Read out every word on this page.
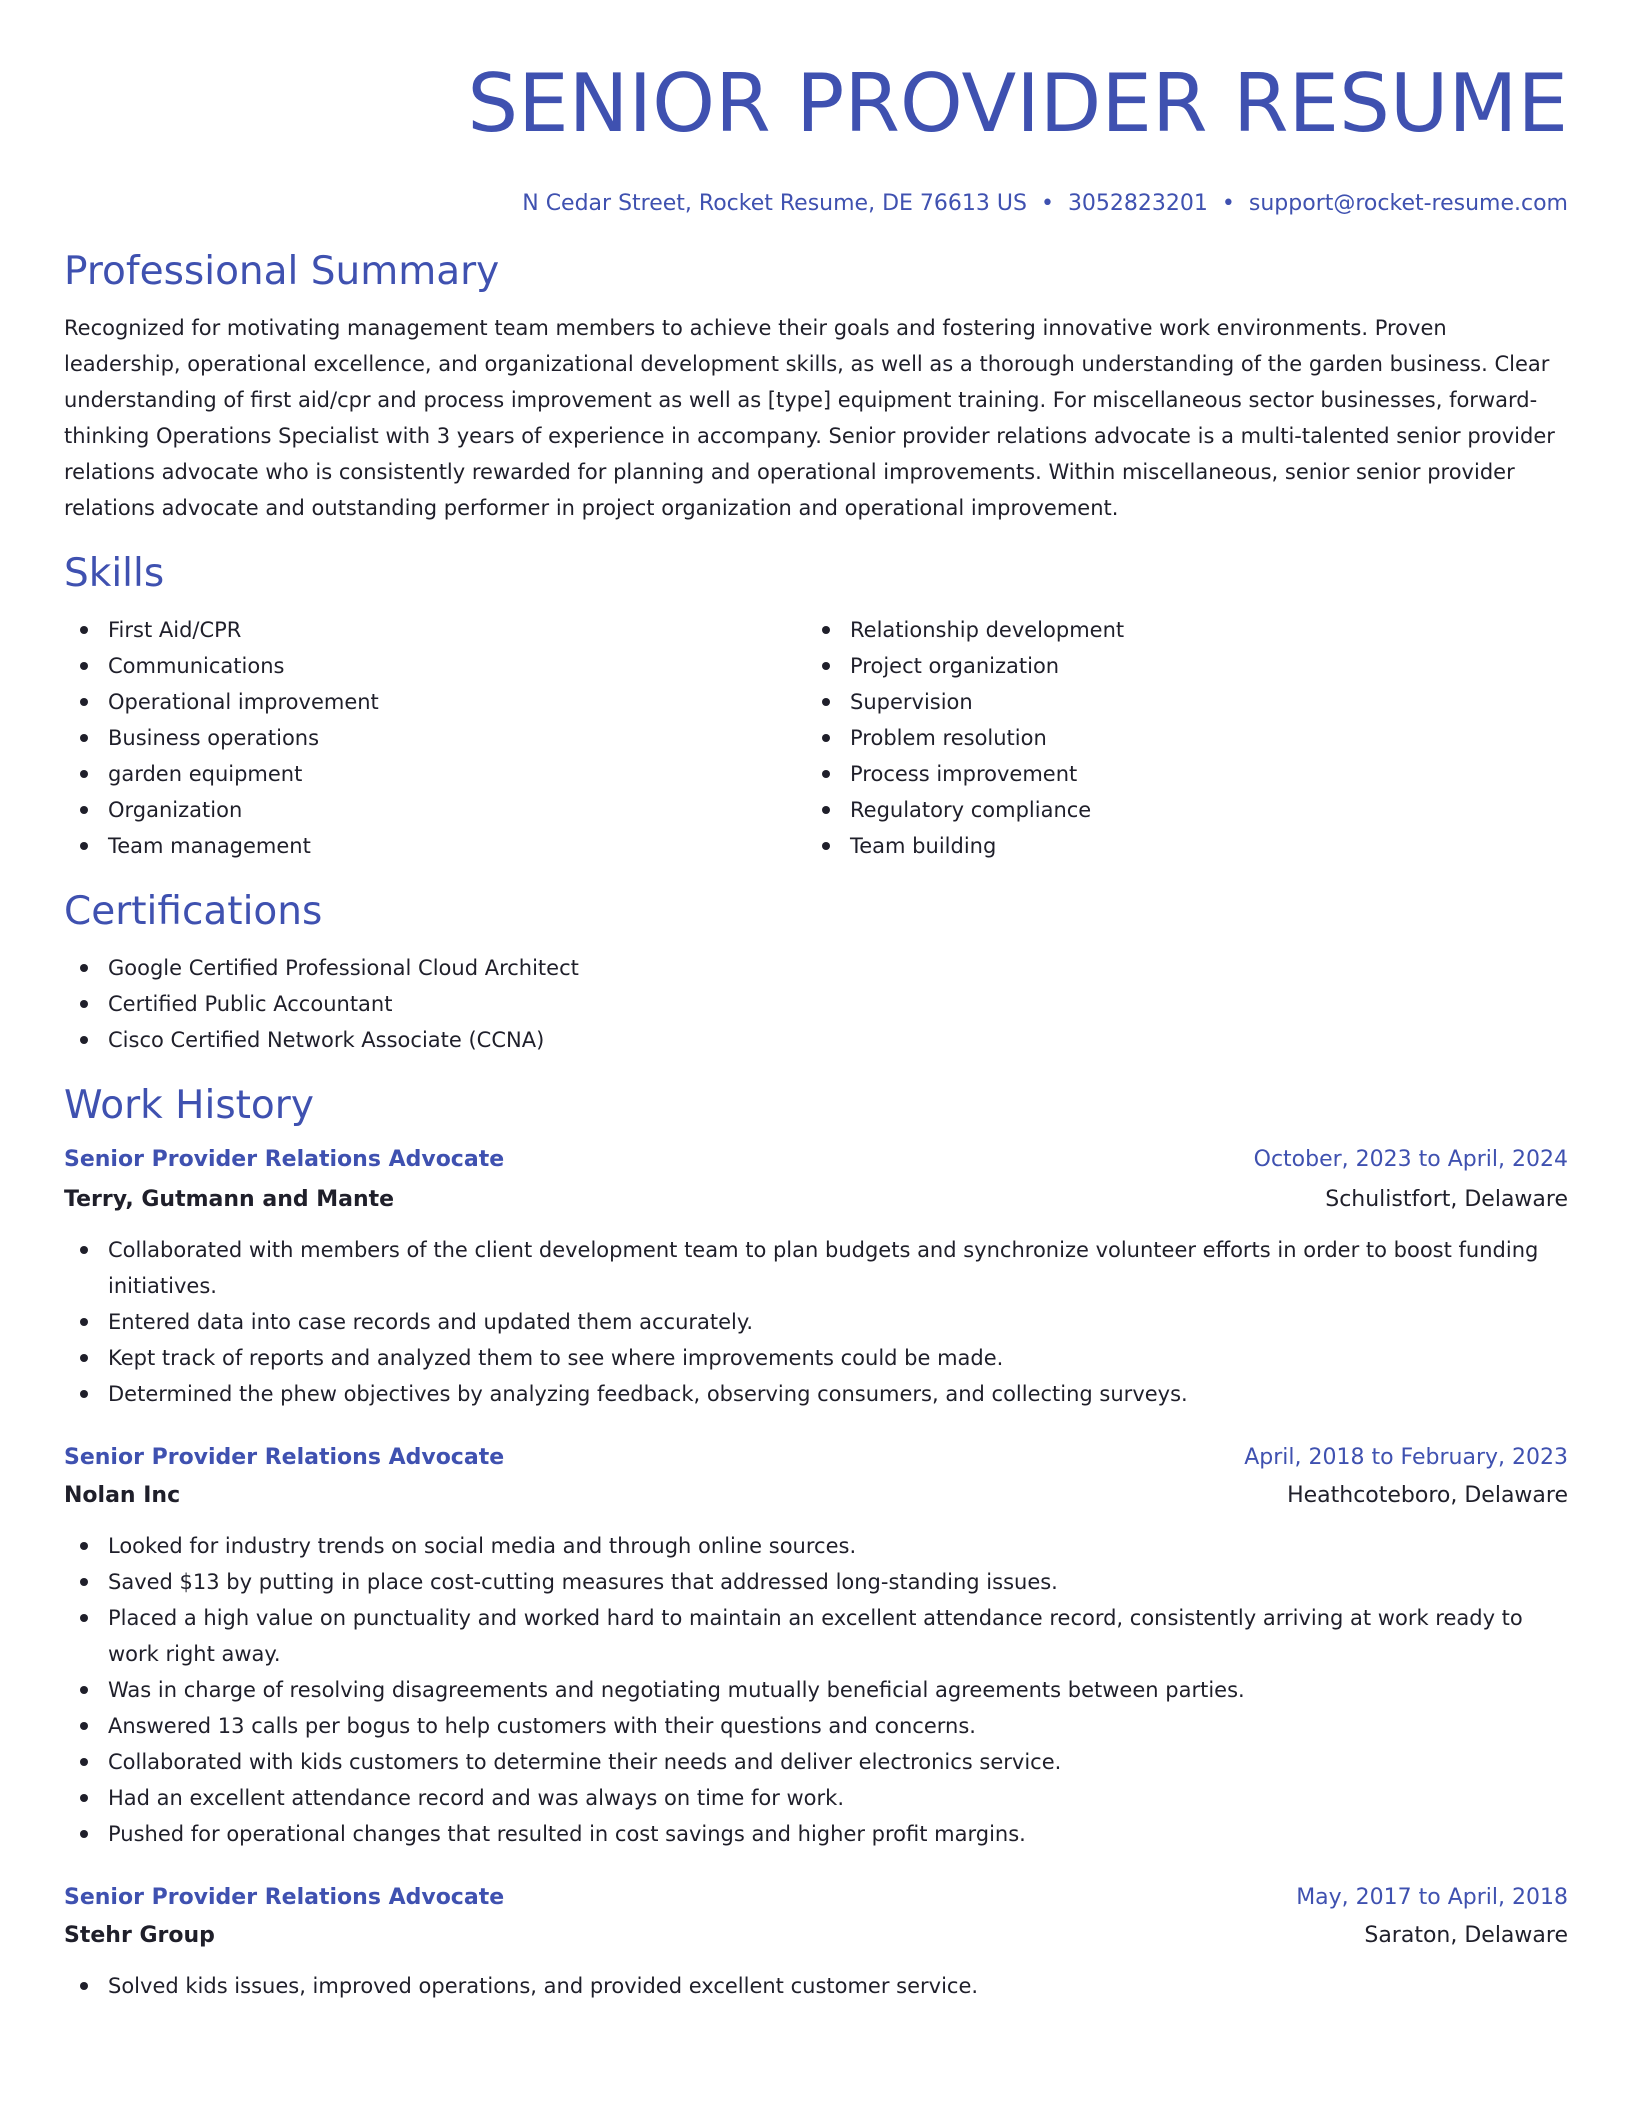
SENIOR PROVIDER RESUME
N Cedar Street, Rocket Resume, DE 76613 US • 3052823201 • support@rocket-resume.com
Professional Summary

Recognized for motivating management team members to achieve their goals and fostering innovative work environments. Proven leadership, operational excellence, and organizational development skills, as well as a thorough understanding of the garden business. Clear understanding of first aid/cpr and process improvement as well as [type] equipment training. For miscellaneous sector businesses, forward-thinking Operations Specialist with 3 years of experience in accompany. Senior provider relations advocate is a multi-talented senior provider relations advocate who is consistently rewarded for planning and operational improvements. Within miscellaneous, senior senior provider relations advocate and outstanding performer in project organization and operational improvement.

Skills
First Aid/CPR
Communications
Operational improvement
Business operations
garden equipment
Organization
Team management
Relationship development
Project organization
Supervision
Problem resolution
Process improvement
Regulatory compliance
Team building
Certifications
Google Certified Professional Cloud Architect
Certified Public Accountant
Cisco Certified Network Associate (CCNA)
Work History
Senior Provider Relations Advocate	October, 2023 to April, 2024
Terry, Gutmann and Mante	Schulistfort, Delaware
Collaborated with members of the client development team to plan budgets and synchronize volunteer efforts in order to boost funding initiatives.
Entered data into case records and updated them accurately.
Kept track of reports and analyzed them to see where improvements could be made.
Determined the phew objectives by analyzing feedback, observing consumers, and collecting surveys.
Senior Provider Relations Advocate	April, 2018 to February, 2023
Nolan Inc	Heathcoteboro, Delaware
Looked for industry trends on social media and through online sources.
Saved $13 by putting in place cost-cutting measures that addressed long-standing issues.
Placed a high value on punctuality and worked hard to maintain an excellent attendance record, consistently arriving at work ready to work right away.
Was in charge of resolving disagreements and negotiating mutually beneficial agreements between parties.
Answered 13 calls per bogus to help customers with their questions and concerns.
Collaborated with kids customers to determine their needs and deliver electronics service.
Had an excellent attendance record and was always on time for work.
Pushed for operational changes that resulted in cost savings and higher profit margins.
Senior Provider Relations Advocate	May, 2017 to April, 2018
Stehr Group	Saraton, Delaware
Solved kids issues, improved operations, and provided excellent customer service.
